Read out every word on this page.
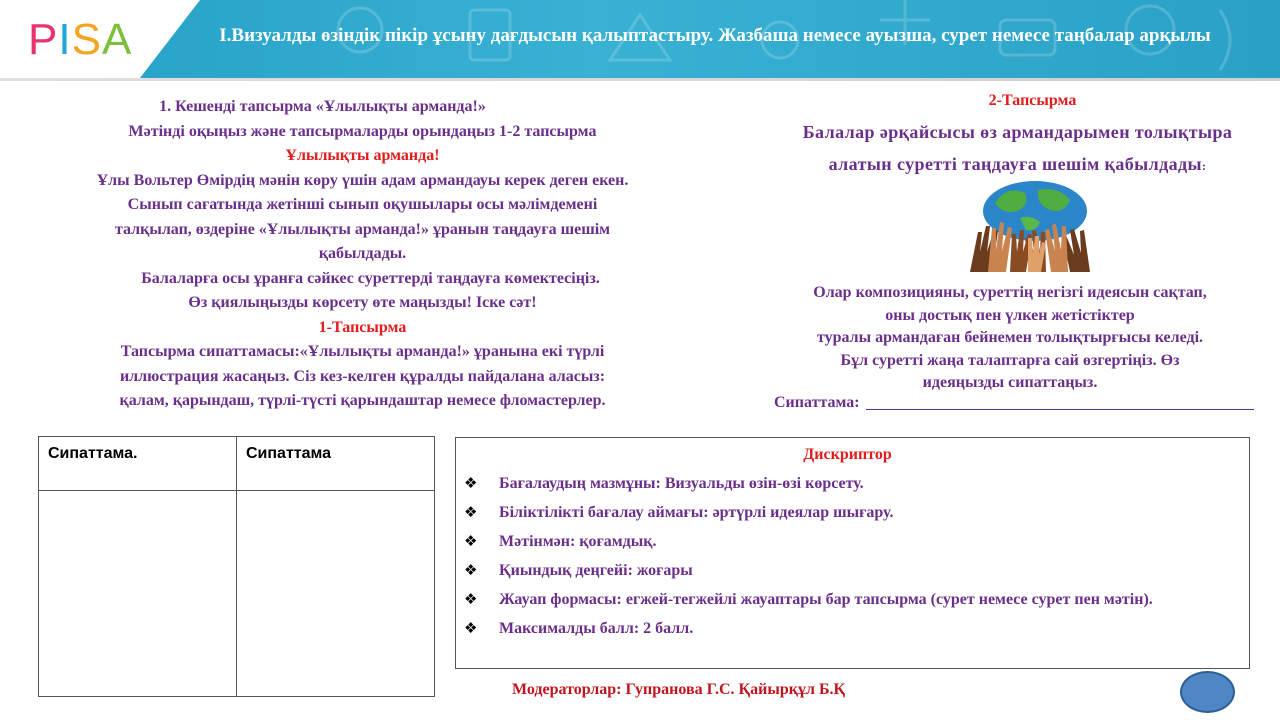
P I S A	I.Визуалды өзіндік пікір ұсыну дағдысын қалыптастыру. Жазбаша немесе ауызша, сурет немесе таңбалар арқылы
1. Кешенді тапсырма «Ұлылықты арманда!»
Мәтінді оқыңыз және тапсырмаларды орындаңыз 1-2 тапсырма
Ұлылықты арманда!
Ұлы Вольтер Өмірдің мәнін көру үшін адам армандауы керек деген екен.
Сынып сағатында жетінші сынып оқушылары осы мәлімдемені
талқылап, өздеріне «Ұлылықты арманда!» ұранын таңдауға шешім
қабылдады.
Балаларға осы ұранға сәйкес суреттерді таңдауға көмектесіңіз.
Өз қиялыңызды көрсету өте маңызды! Іске сәт!
1-Тапсырма
Тапсырма сипаттамасы:«Ұлылықты арманда!» ұранына екі түрлі
иллюстрация жасаңыз. Сіз кез-келген құралды пайдалана аласыз:
қалам, қарындаш, түрлі-түсті қарындаштар немесе фломастерлер.
2-Тапсырма
Балалар әрқайсысы өз армандарымен толықтыра
алатын суретті таңдауға шешім қабылдады:
Олар композицияны, суреттің негізгі идеясын сақтап,
оны достық пен үлкен жетістіктер
туралы армандаған бейнемен толықтырғысы келеді.
Бұл суретті жаңа талаптарға сай өзгертіңіз. Өз
идеяңызды сипаттаңыз.
Сипаттама:
Сипаттама.	Сипаттама
		Дискриптор
❖ Бағалаудың мазмұны: Визуальды өзін-өзі көрсету.
❖ Біліктілікті бағалау аймағы: әртүрлі идеялар шығару.
❖ Мәтінмән: қоғамдық.
❖ Қиындық деңгейі: жоғары
❖ Жауап формасы: егжей-тегжейлі жауаптары бар тапсырма (сурет немесе сурет пен мәтін).
❖ Максималды балл: 2 балл.
Модераторлар: Гупранова Г.С. Қайырқұл Б.Қ
